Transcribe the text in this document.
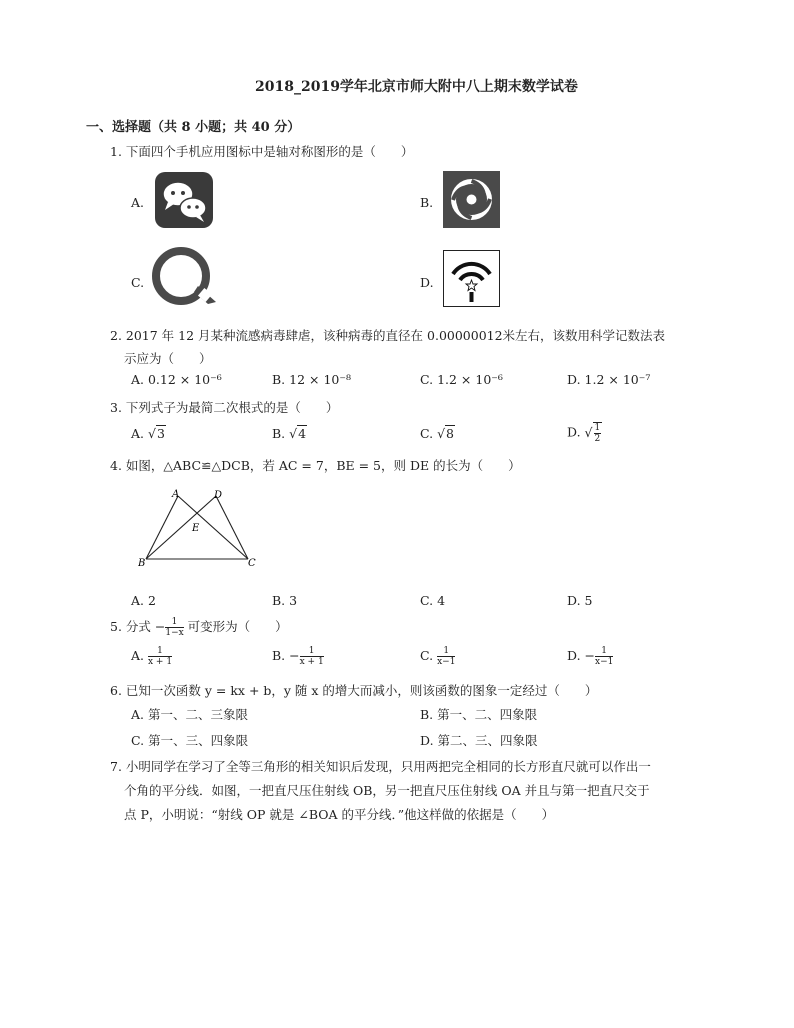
2018_2019学年北京市师大附中八上期末数学试卷
一、选择题（共 8 小题；共 40 分）
1. 下面四个手机应用图标中是轴对称图形的是（　　）
A.	B.
C.	D.
2. 2017 年 12 月某种流感病毒肆虐，该种病毒的直径在 0.00000012米左右，该数用科学记数法表
示应为（　　）
A. 0.12 × 10⁻⁶	B. 12 × 10⁻⁸	C. 1.2 × 10⁻⁶	D. 1.2 × 10⁻⁷
3. 下列式子为最简二次根式的是（　　）
A. √3	B. √4	C. √8	D. √ $\frac{1}{2}$
4. 如图，△ABC≌△DCB，若 AC = 7，BE = 5，则 DE 的长为（　　）
A	D
E
B	C
A. 2	B. 3	C. 4	D. 5
5. 分式 − $\frac{1}{1-x}$ 可变形为（　　）
A. $\frac{1}{x + 1}$	B. − $\frac{1}{x + 1}$	C. $\frac{1}{x-1}$	D. − $\frac{1}{x-1}$
6. 已知一次函数 y = kx + b，y 随 x 的增大而减小，则该函数的图象一定经过（　　）
A. 第一、二、三象限	B. 第一、二、四象限
C. 第一、三、四象限	D. 第二、三、四象限
7. 小明同学在学习了全等三角形的相关知识后发现，只用两把完全相同的长方形直尺就可以作出一
个角的平分线．如图，一把直尺压住射线 OB，另一把直尺压住射线 OA 并且与第一把直尺交于
点 P，小明说：“射线 OP 就是 ∠BOA 的平分线．”他这样做的依据是（　　）
